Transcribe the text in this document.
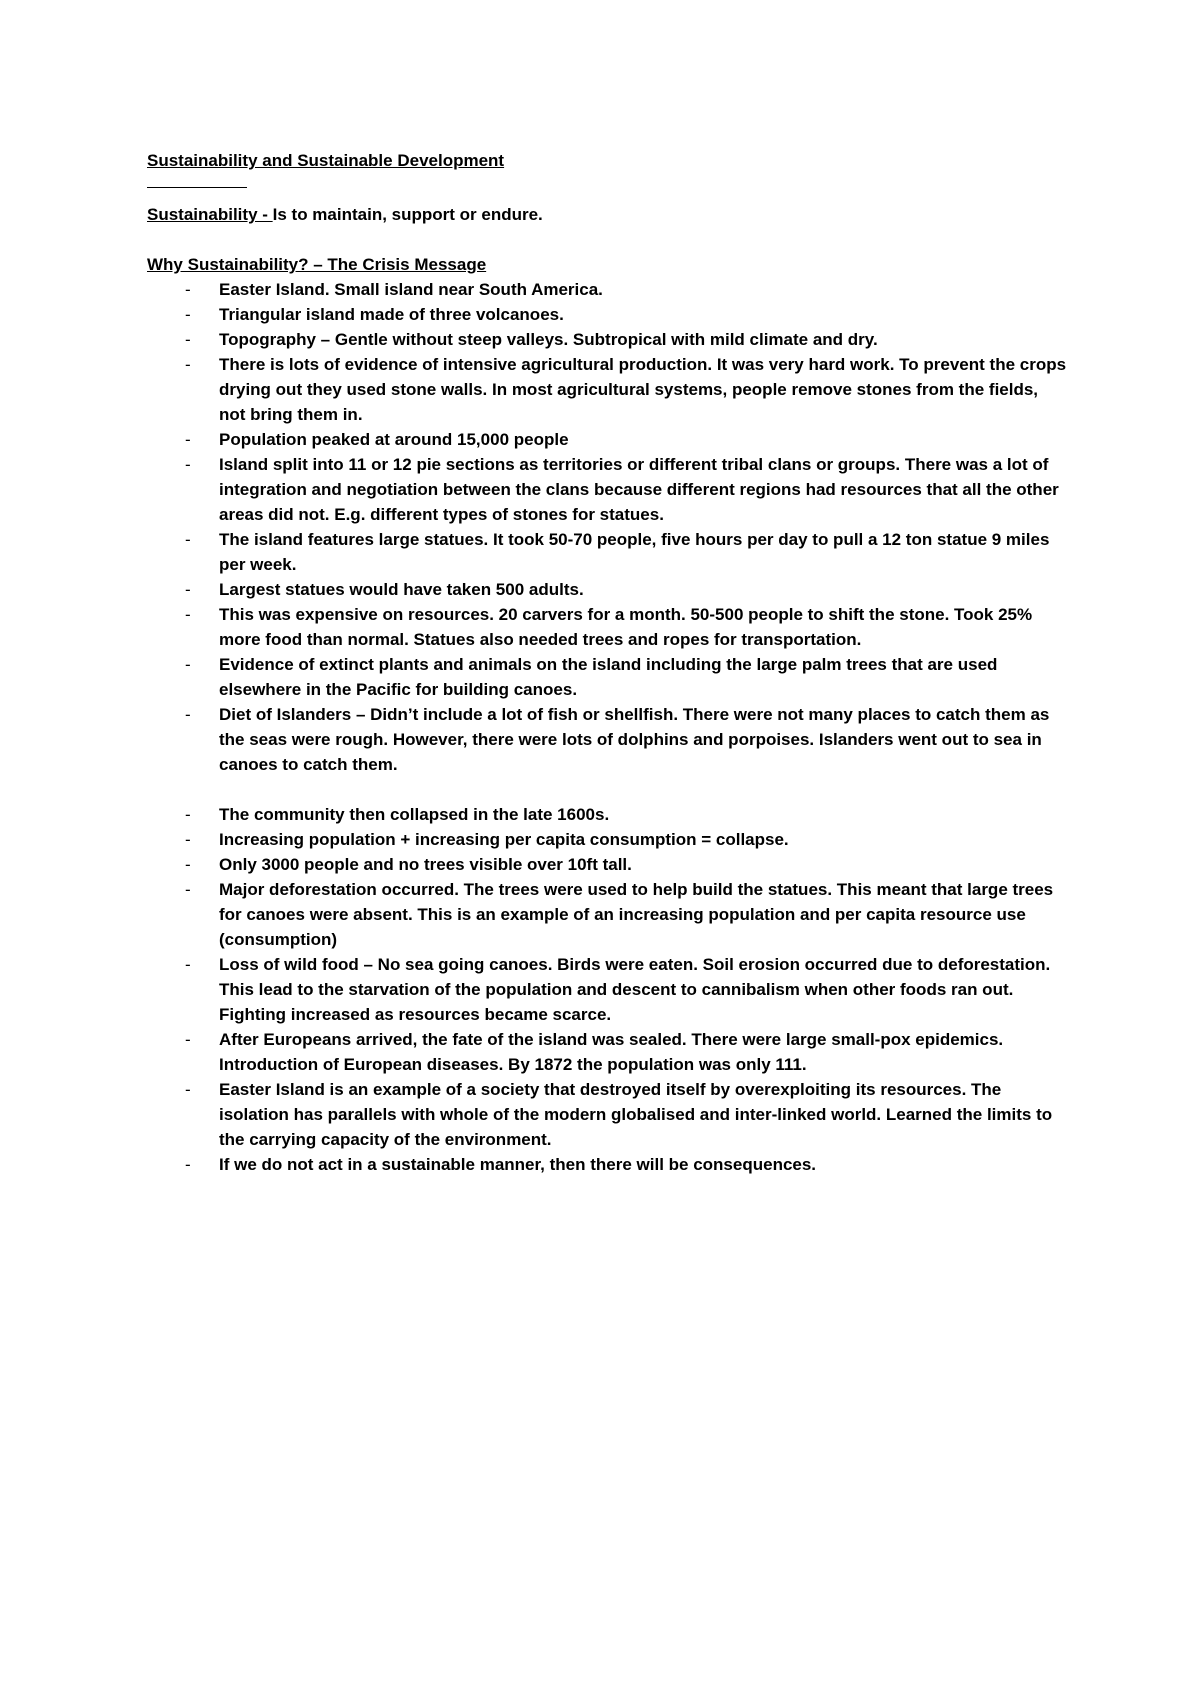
Sustainability and Sustainable Development
Sustainability - Is to maintain, support or endure.
Why Sustainability? – The Crisis Message
- Easter Island. Small island near South America.
- Triangular island made of three volcanoes.
- Topography – Gentle without steep valleys. Subtropical with mild climate and dry.
- There is lots of evidence of intensive agricultural production. It was very hard work. To prevent the crops drying out they used stone walls. In most agricultural systems, people remove stones from the fields, not bring them in.
- Population peaked at around 15,000 people
- Island split into 11 or 12 pie sections as territories or different tribal clans or groups. There was a lot of integration and negotiation between the clans because different regions had resources that all the other areas did not. E.g. different types of stones for statues.
- The island features large statues. It took 50-70 people, five hours per day to pull a 12 ton statue 9 miles per week.
- Largest statues would have taken 500 adults.
- This was expensive on resources. 20 carvers for a month. 50-500 people to shift the stone. Took 25% more food than normal. Statues also needed trees and ropes for transportation.
- Evidence of extinct plants and animals on the island including the large palm trees that are used elsewhere in the Pacific for building canoes.
- Diet of Islanders – Didn’t include a lot of fish or shellfish. There were not many places to catch them as the seas were rough. However, there were lots of dolphins and porpoises. Islanders went out to sea in canoes to catch them.
- The community then collapsed in the late 1600s.
- Increasing population + increasing per capita consumption = collapse.
- Only 3000 people and no trees visible over 10ft tall.
- Major deforestation occurred. The trees were used to help build the statues. This meant that large trees for canoes were absent. This is an example of an increasing population and per capita resource use (consumption)
- Loss of wild food – No sea going canoes. Birds were eaten. Soil erosion occurred due to deforestation. This lead to the starvation of the population and descent to cannibalism when other foods ran out. Fighting increased as resources became scarce.
- After Europeans arrived, the fate of the island was sealed. There were large small-pox epidemics. Introduction of European diseases. By 1872 the population was only 111.
- Easter Island is an example of a society that destroyed itself by overexploiting its resources. The isolation has parallels with whole of the modern globalised and inter-linked world. Learned the limits to the carrying capacity of the environment.
- If we do not act in a sustainable manner, then there will be consequences.
